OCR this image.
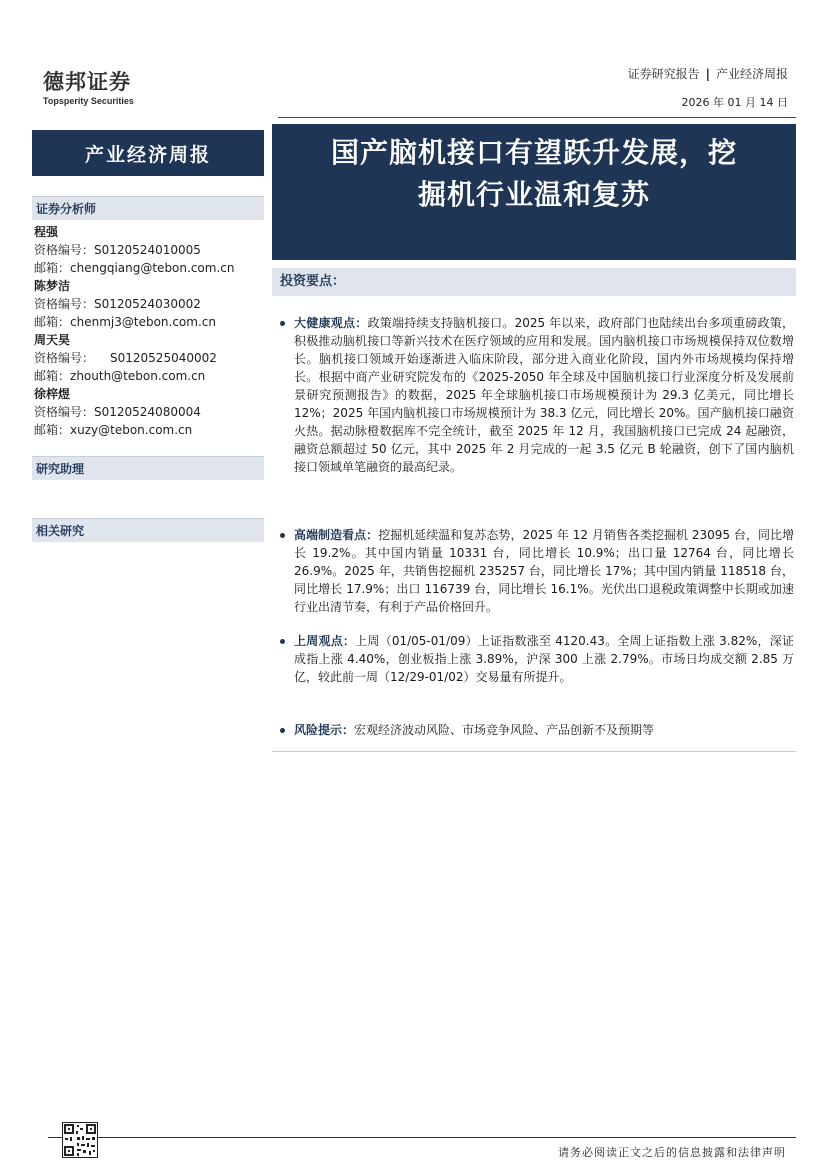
德邦证券
Topsperity Securities
证券研究报告 | 产业经济周报
2026 年 01 月 14 日
产业经济周报
证券分析师
程强
资格编号：S0120524010005
邮箱：chengqiang@tebon.com.cn
陈梦洁
资格编号：S0120524030002
邮箱：chenmj3@tebon.com.cn
周天昊
资格编号： S0120525040002
邮箱：zhouth@tebon.com.cn
徐梓煜
资格编号：S0120524080004
邮箱：xuzy@tebon.com.cn
研究助理
相关研究
国产脑机接口有望跃升发展，挖
掘机行业温和复苏
投资要点：

大健康观点：政策端持续支持脑机接口。2025 年以来，政府部门也陆续出台多项重磅政策，积极推动脑机接口等新兴技术在医疗领域的应用和发展。国内脑机接口市场规模保持双位数增长。脑机接口领域开始逐渐进入临床阶段，部分进入商业化阶段，国内外市场规模均保持增长。根据中商产业研究院发布的《2025-2050 年全球及中国脑机接口行业深度分析及发展前景研究预测报告》的数据，2025 年全球脑机接口市场规模预计为 29.3 亿美元，同比增长 12%；2025 年国内脑机接口市场规模预计为 38.3 亿元，同比增长 20%。国产脑机接口融资火热。据动脉橙数据库不完全统计，截至 2025 年 12 月，我国脑机接口已完成 24 起融资，融资总额超过 50 亿元，其中 2025 年 2 月完成的一起 3.5 亿元 B 轮融资，创下了国内脑机接口领域单笔融资的最高纪录。

高端制造看点：挖掘机延续温和复苏态势，2025 年 12 月销售各类挖掘机 23095 台，同比增长 19.2%。其中国内销量 10331 台，同比增长 10.9%；出口量 12764 台，同比增长 26.9%。2025 年，共销售挖掘机 235257 台，同比增长 17%；其中国内销量 118518 台，同比增长 17.9%；出口 116739 台，同比增长 16.1%。光伏出口退税政策调整中长期或加速行业出清节奏，有利于产品价格回升。

上周观点：上周（01/05-01/09）上证指数涨至 4120.43。全周上证指数上涨 3.82%，深证成指上涨 4.40%，创业板指上涨 3.89%，沪深 300 上涨 2.79%。市场日均成交额 2.85 万亿，较此前一周（12/29-01/02）交易量有所提升。

风险提示：宏观经济波动风险、市场竞争风险、产品创新不及预期等

请务必阅读正文之后的信息披露和法律声明
